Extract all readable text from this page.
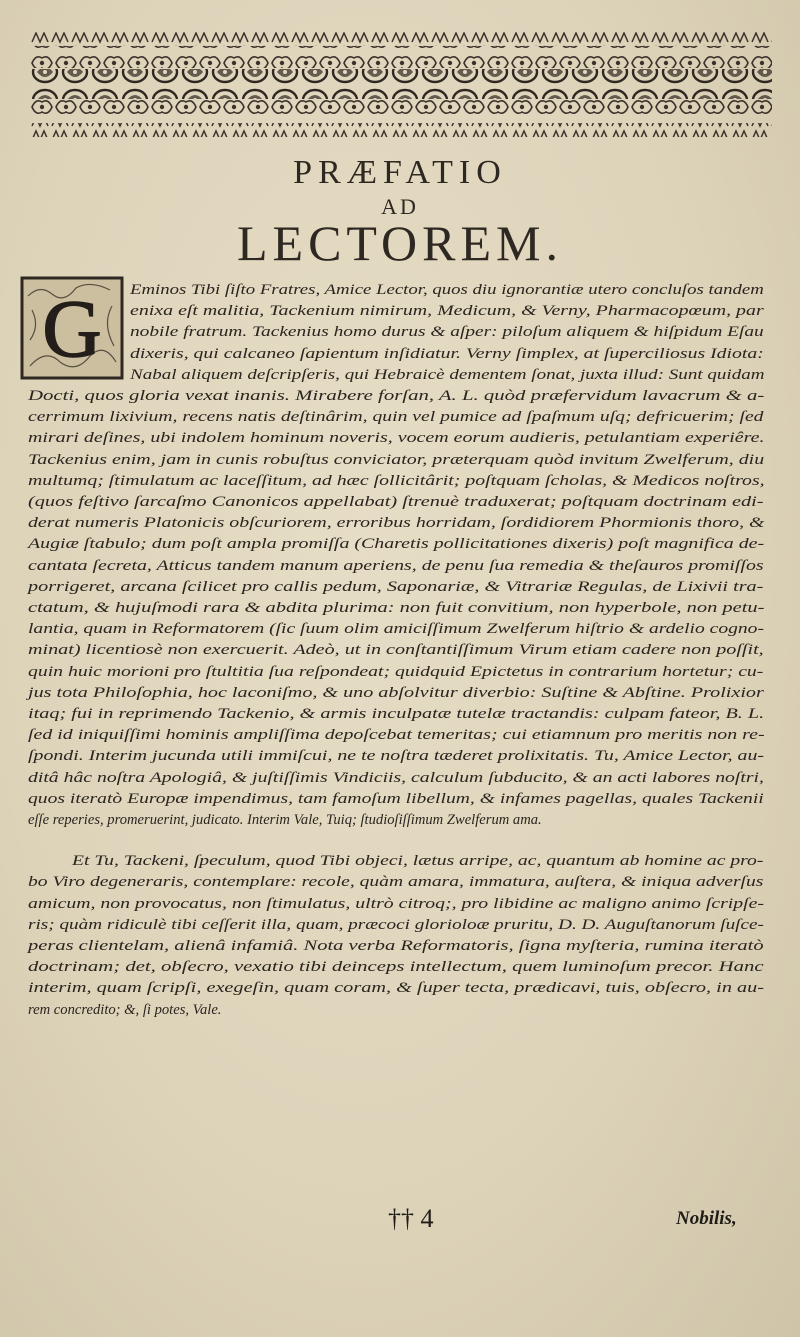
PRÆFATIO
AD
LECTOREM.
G Eminos Tibi ſiſto Fratres, Amice Lector, quos diu ignorantiæ utero concluſos tandem
enixa eſt malitia, Tackenium nimirum, Medicum, & Verny, Pharmacopœum, par
nobile fratrum. Tackenius homo durus & aſper: piloſum aliquem & hiſpidum Eſau
dixeris, qui calcaneo ſapientum inſidiatur. Verny ſimplex, at ſuperciliosus Idiota:
Nabal aliquem deſcripſeris, qui Hebraicè dementem ſonat, juxta illud: Sunt quidam
Docti, quos gloria vexat inanis. Mirabere forſan, A. L. quòd præfervidum lavacrum & a-
cerrimum lixivium, recens natis deſtinârim, quin vel pumice ad ſpaſmum uſq; defricuerim; ſed
mirari deſines, ubi indolem hominum noveris, vocem eorum audieris, petulantiam experiêre.
Tackenius enim, jam in cunis robuſtus conviciator, præterquam quòd invitum Zwelferum, diu
multumq; ſtimulatum ac laceſſitum, ad hæc ſollicitârit; poſtquam ſcholas, & Medicos noſtros,
(quos feſtivo ſarcaſmo Canonicos appellabat) ſtrenuè traduxerat; poſtquam doctrinam edi-
derat numeris Platonicis obſcuriorem, erroribus horridam, ſordidiorem Phormionis thoro, &
Augiæ ſtabulo; dum poſt ampla promiſſa (Charetis pollicitationes dixeris) poſt magnifica de-
cantata ſecreta, Atticus tandem manum aperiens, de penu ſua remedia & theſauros promiſſos
porrigeret, arcana ſcilicet pro callis pedum, Saponariæ, & Vitrariæ Regulas, de Lixivii tra-
ctatum, & hujuſmodi rara & abdita plurima: non fuit convitium, non hyperbole, non petu-
lantia, quam in Reformatorem (ſic ſuum olim amiciſſimum Zwelferum hiſtrio & ardelio cogno-
minat) licentiosè non exercuerit. Adeò, ut in conſtantiſſimum Virum etiam cadere non poſſit,
quin huic morioni pro ſtultitia ſua reſpondeat; quidquid Epictetus in contrarium hortetur; cu-
jus tota Philoſophia, hoc laconiſmo, & uno abſolvitur diverbio: Suſtine & Abſtine. Prolixior
itaq; fui in reprimendo Tackenio, & armis inculpatæ tutelæ tractandis: culpam fateor, B. L.
ſed id iniquiſſimi hominis ampliſſima depoſcebat temeritas; cui etiamnum pro meritis non re-
ſpondi. Interim jucunda utili immiſcui, ne te noſtra tæderet prolixitatis. Tu, Amice Lector, au-
ditâ hâc noſtra Apologiâ, & juſtiſſimis Vindiciis, calculum ſubducito, & an acti labores noſtri,
quos iteratò Europæ impendimus, tam famoſum libellum, & infames pagellas, quales Tackenii
eſſe reperies, promeruerint, judicato. Interim Vale, Tuiq; ſtudioſiſſimum Zwelferum ama.
Et Tu, Tackeni, ſpeculum, quod Tibi objeci, lætus arripe, ac, quantum ab homine ac pro-
bo Viro degeneraris, contemplare: recole, quàm amara, immatura, auſtera, & iniqua adverſus
amicum, non provocatus, non ſtimulatus, ultrò citroq;, pro libidine ac maligno animo ſcripſe-
ris; quàm ridiculè tibi ceſſerit illa, quam, præcoci glorioloæ pruritu, D. D. Auguſtanorum ſuſce-
peras clientelam, alienâ infamiâ. Nota verba Reformatoris, ſigna myſteria, rumina iteratò
doctrinam; det, obſecro, vexatio tibi deinceps intellectum, quem luminoſum precor. Hanc
interim, quam ſcripſi, exegeſin, quam coram, & ſuper tecta, prædicavi, tuis, obſecro, in au-
rem concredito; &, ſi potes, Vale.
†† 4	Nobilis,
